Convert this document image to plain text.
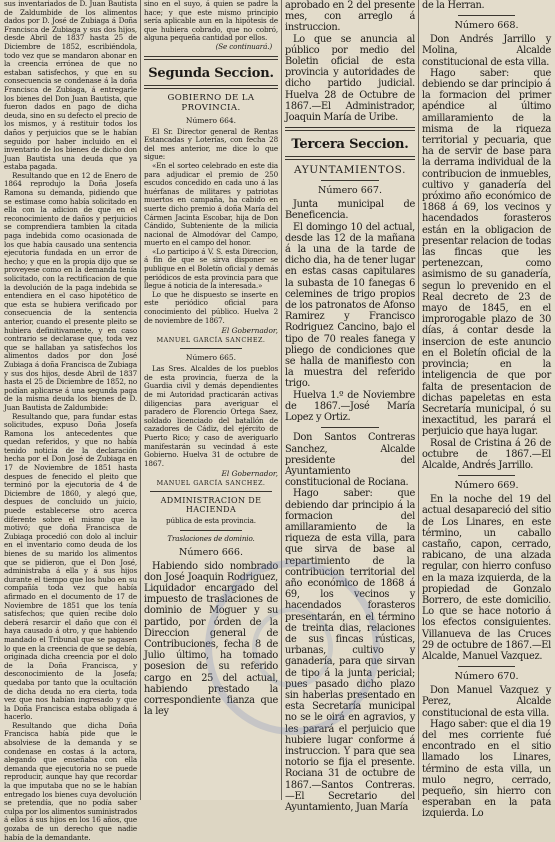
sus inventariados de D. Juan Bautista de Zaldumbide de los alimentos dados por D. José de Zubiaga á Doña Francisca de Zubiaga y sus dos hijos, desde Abril de 1837 hasta 25 de Diciembre de 1852, escribiéndola, todo vez que se mandaron abonar en la creencia errónea de que no estaban satisfechos, y que en su consecuencia se condenase á la doña Francisca de Zubiaga, á entregarle los bienes del Don Juan Bautista, que fueron dados en pago de dicha deuda, sino en su defecto el precio de los mismos, y á restituir todos los daños y perjuicios que se le habían seguido por haber incluido en el inventario de los bienes de dicho don Juan Bautista una deuda que ya estaba pagada.

Resultando que en 12 de Enero de 1864 reprodujo la Doña Josefa Ramona su demanda, pidiendo que se estimase como había solicitado en ella con la adicion de que en el reconocimiento de daños y perjuicios se comprendiera tambien la citada paga indebida como ocasionada de los que había causado una sentencia ejecutoria fundada en un error de hecho; y que en la propia dijo que se proveyese como en la demanda tenía solicitado, con la rectificacion de que la devolución de la paga indebida se entendiera en el caso hipotético de que esta se hubiera verificado por consecuencia de la sentencia anterior, cuando el presente pleito se hubiera definitivamente, y en caso contrario se declarase que, toda vez que se hallaban ya satisfechos los alimentos dados por don José Zubiaga á doña Francisca de Zubiaga y sus dos hijos, desde Abril de 1837 hasta el 25 de Diciembre de 1852, no podían aplicarse á una segunda paga de la misma deuda los bienes de D. Juan Bautista de Zaldumbide:

Resultando que, para fundar estas solicitudes, expuso Doña Josefa Ramona los antecedentes que quedan referidos, y que no había tenido noticia de la declaración hecha por el Don José de Zubiaga en 17 de Noviembre de 1851 hasta despues de fenecido el pleito que terminó por la ejecutoria de 4 de Diciembre de 1860, y alegó que, despues de concluido un juicio, puede establecerse otro acerca diferente sobre el mismo que la motivó; que doña Francisca de Zubiaga procedió con dolo al incluir en el inventario como deuda de los bienes de su marido los alimentos que se pidieron, que el Don José, administraba á ella y á sus hijos durante el tiempo que los hubo en su compañía toda vez que había afirmado en el documento de 17 de Noviembre de 1851 que los tenía satisfechos; que quien recibe dolo deberá resarcir el daño que con él haya causado á otro, y que habiendo mandado el Tribunal que se pagasen lo que en la creencia de que se debía, originada dicha creencia por el dolo de la Doña Francisca, y desconocimiento de la Josefa; quedaba por tanto que la ocultación de dicha deuda no era cierta, toda vez que nos habían ingresado y que la Doña Francisca estaba obligada á hacerlo.

Resultando que dicha Doña Francisca había pide que le absolviese de la demanda y se condenase en costas á la actora, alegando que enseñaba con ella demanda que ejecutoria no se puede reproducir, aunque hay que recordar la que imputaba que no se le habían entregado los bienes cuya devolución se pretendía, que no podía saber culpa por los alimentos suministrados á ellos á sus hijos en los 16 años, que gozaba de un derecho que nadie había de la demandante.

sino en el suyo, á quien se padre la hace; y que este mismo principio sería aplicable aun en la hipótesis de que hubiera cobrado, que no cobró, alguna pequeña cantidad por ellos.

(Se continuará.)

Segunda Seccion.
GOBIERNO DE LA PROVINCIA.
Número 664.

El Sr. Director general de Rentas Estancadas y Loterías, con fecha 28 del mes anterior, me dice lo que sigue:

«En el sorteo celebrado en este dia para adjudicar el premio de 250 escudos concedido en cada uno á las huérfanas de militares y patriotas muertos en campaña, ha cabido en suerte dicho premio á doña María del Cármen Jacinta Escobar, hija de Don Cándido, Subteniente de la milicia nacional de Almodóvar del Campo, muerto en el campo del honor.

«Lo participo á V. S. esta Direccion, á fin de que se sirva disponer se publique en el Boletín oficial y demás periódicos de esta provincia para que llegue á noticia de la interesada.»

Lo que he dispuesto se inserte en este periódico oficial para conocimiento del público. Huelva 2 de noviembre de 1867.

El Gobernador,
MANUEL GARCÍA SANCHEZ.
Número 665.

Las Sres. Alcaldes de los pueblos de esta provincia, fuerza de la Guardia civil y demás dependientes de mi Autoridad practicarán activas diligencias para averiguar el paradero de Florencio Ortega Saez, soldado licenciado del batallón de cazadores de Cádiz, del ejército de Puerto Rico; y caso de averiguarlo manifestarán su vecindad á este Gobierno. Huelva 31 de octubre de 1867.

El Gobernador,
MANUEL GARCÍA SANCHEZ.
ADMINISTRACION DE HACIENDA
pública de esta provincia.
Traslaciones de dominio.
Número 666.

Habiendo sido nombrado don José Joaquin Rodriguez, Liquidador encargado del impuesto de traslaciones de dominio de Moguer y su partido, por órden de la Direccion general de Contribuciones, fecha 8 de Julio último, ha tomado posesion de su referido cargo en 25 del actual, habiendo prestado la correspondiente fianza que la ley

aprobado en 2 del presente mes, con arreglo á instruccion.

Lo que se anuncia al público por medio del Boletin oficial de esta provincia y autoridades de dicho partido judicial. Huelva 28 de Octubre de 1867.—El Administrador, Joaquin María de Uribe.

Tercera Seccion.
AYUNTAMIENTOS.
Número 667.

Junta municipal de Beneficencia.

El domingo 10 del actual, desde las 12 de la mañana á la una de la tarde de dicho dia, ha de tener lugar en estas casas capitulares la subasta de 10 fanegas 6 celemines de trigo propios de los patronatos de Afonso Ramirez y Francisco Rodriguez Cancino, bajo el tipo de 70 reales fanega y pliego de condiciones que se halla de manifiesto con la muestra del referido trigo.

Huelva 1.º de Noviembre de 1867.—José María Lopez y Ortiz.

Don Santos Contreras Sanchez, Alcalde presidente del Ayuntamiento constitucional de Rociana.

Hago saber: que debiendo dar principio á la formacion del amillaramiento de la riqueza de esta villa, para que sirva de base al repartimiento de la contribucion territorial del año económico de 1868 á 69, los vecinos y hacendados forasteros presentarán, en el término de treinta dias, relaciones de sus fincas rústicas, urbanas, cultivo y ganadería, para que sirvan de tipo á la junta pericial; pues pasado dicho plazo sin haberlas presentado en esta Secretaría municipal no se le oirá en agravios, y les parará el perjuicio que hubiere lugar conforme á instruccion. Y para que sea notorio se fija el presente. Rociana 31 de octubre de 1867.—Santos Contreras.—El Secretario del Ayuntamiento, Juan María

de la Herran.

Número 668.

Don Andrés Jarrillo y Molina, Alcalde constitucional de esta villa.

Hago saber: que debiendo se dar principio á la formacion del primer apéndice al último amillaramiento de la misma de la riqueza territorial y pecuaria, que ha de servir de base para la derrama individual de la contribucion de inmuebles, cultivo y ganadería del próximo año económico de 1868 á 69, los vecinos y hacendados forasteros están en la obligacion de presentar relacion de todas las fincas que les pertenezcan, como asimismo de su ganadería, segun lo prevenido en el Real decreto de 23 de mayo de 1845, en el improrogable plazo de 30 días, á contar desde la insercion de este anuncio en el Boletín oficial de la provincia; en la inteligencia de que por falta de presentacion de dichas papeletas en esta Secretaría municipal, ó su inexactitud, les parará el perjuicio que haya lugar.

Rosal de Cristina á 26 de octubre de 1867.—El Alcalde, Andrés Jarrillo.

Número 669.

En la noche del 19 del actual desapareció del sitio de Los Linares, en este término, un caballo castaño, capon, cerrado, rabicano, de una alzada regular, con hierro confuso en la maza izquierda, de la propiedad de Gonzalo Borrero, de este domicilio. Lo que se hace notorio á los efectos consiguientes. Villanueva de las Cruces 29 de octubre de 1867.—El Alcalde, Manuel Vazquez.

Número 670.

Don Manuel Vazquez y Perez, Alcalde constitucional de esta villa.

Hago saber: que el dia 19 del mes corriente fué encontrado en el sitio llamado los Linares, término de esta villa, un mulo negro, cerrado, pequeño, sin hierro con esperaban en la pata izquierda. Lo
